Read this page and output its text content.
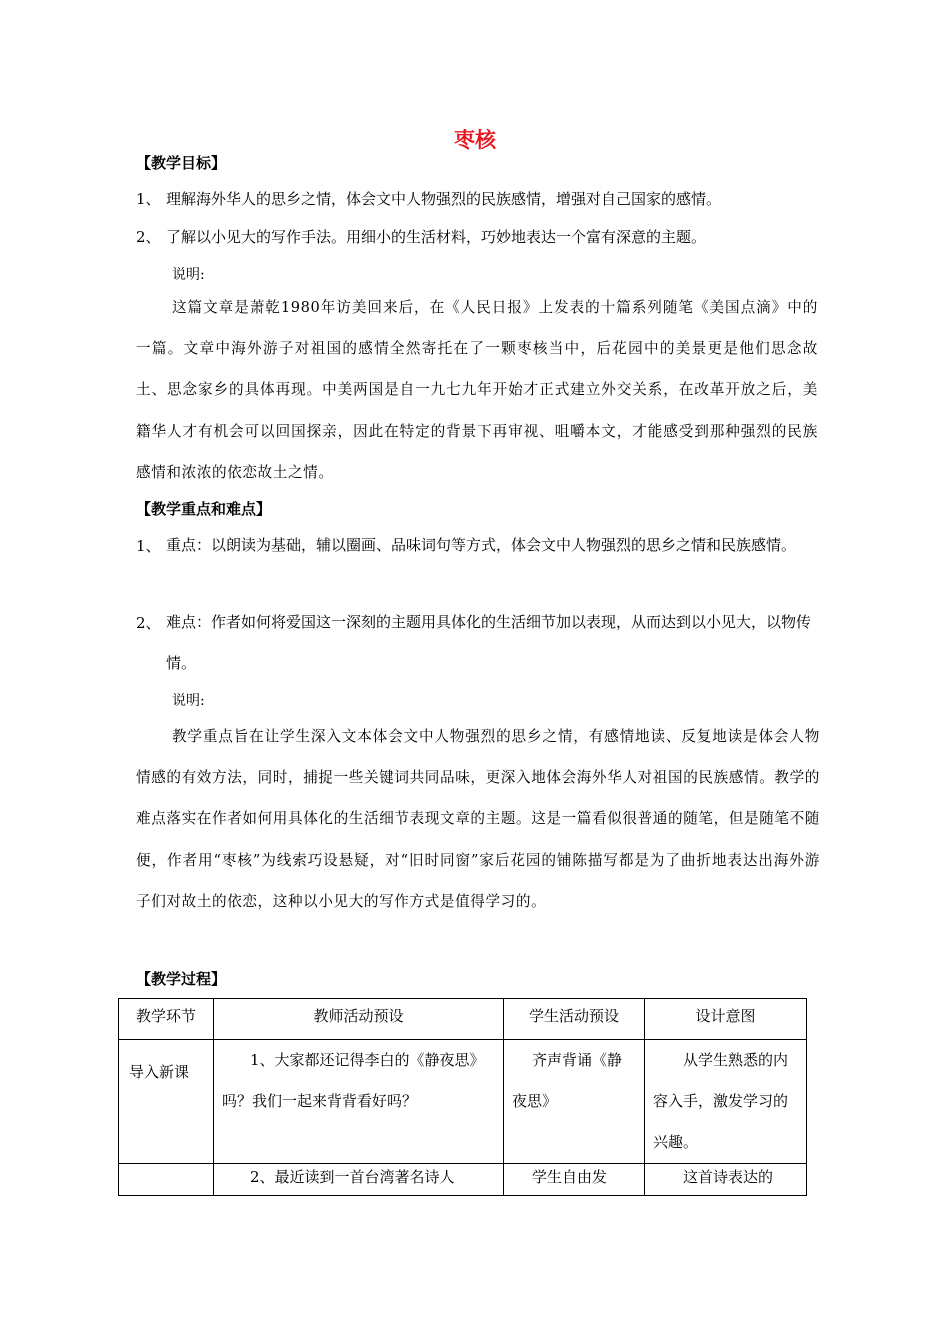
枣核
【教学目标】
1、 理解海外华人的思乡之情，体会文中人物强烈的民族感情，增强对自己国家的感情。
2、 了解以小见大的写作手法。用细小的生活材料，巧妙地表达一个富有深意的主题。
说明:
这篇文章是萧乾1980年访美回来后，在《人民日报》上发表的十篇系列随笔《美国点滴》中的一篇。文章中海外游子对祖国的感情全然寄托在了一颗枣核当中，后花园中的美景更是他们思念故土、思念家乡的具体再现。中美两国是自一九七九年开始才正式建立外交关系，在改革开放之后，美籍华人才有机会可以回国探亲，因此在特定的背景下再审视、咀嚼本文，才能感受到那种强烈的民族感情和浓浓的依恋故土之情。
【教学重点和难点】
1、 重点：以朗读为基础，辅以圈画、品味词句等方式，体会文中人物强烈的思乡之情和民族感情。
2、 难点：作者如何将爱国这一深刻的主题用具体化的生活细节加以表现，从而达到以小见大，以物传情。
说明:
教学重点旨在让学生深入文本体会文中人物强烈的思乡之情，有感情地读、反复地读是体会人物情感的有效方法，同时，捕捉一些关键词共同品味，更深入地体会海外华人对祖国的民族感情。教学的难点落实在作者如何用具体化的生活细节表现文章的主题。这是一篇看似很普通的随笔，但是随笔不随便，作者用“枣核”为线索巧设悬疑，对“旧时同窗”家后花园的铺陈描写都是为了曲折地表达出海外游子们对故土的依恋，这种以小见大的写作方式是值得学习的。
【教学过程】
教学环节	教师活动预设	学生活动预设	设计意图

导入新课	1、大家都还记得李白的《静夜思》吗？我们一起来背背看好吗？	齐声背诵《静夜思》	从学生熟悉的内容入手，激发学习的兴趣。

	2、最近读到一首台湾著名诗人	学生自由发	这首诗表达的
